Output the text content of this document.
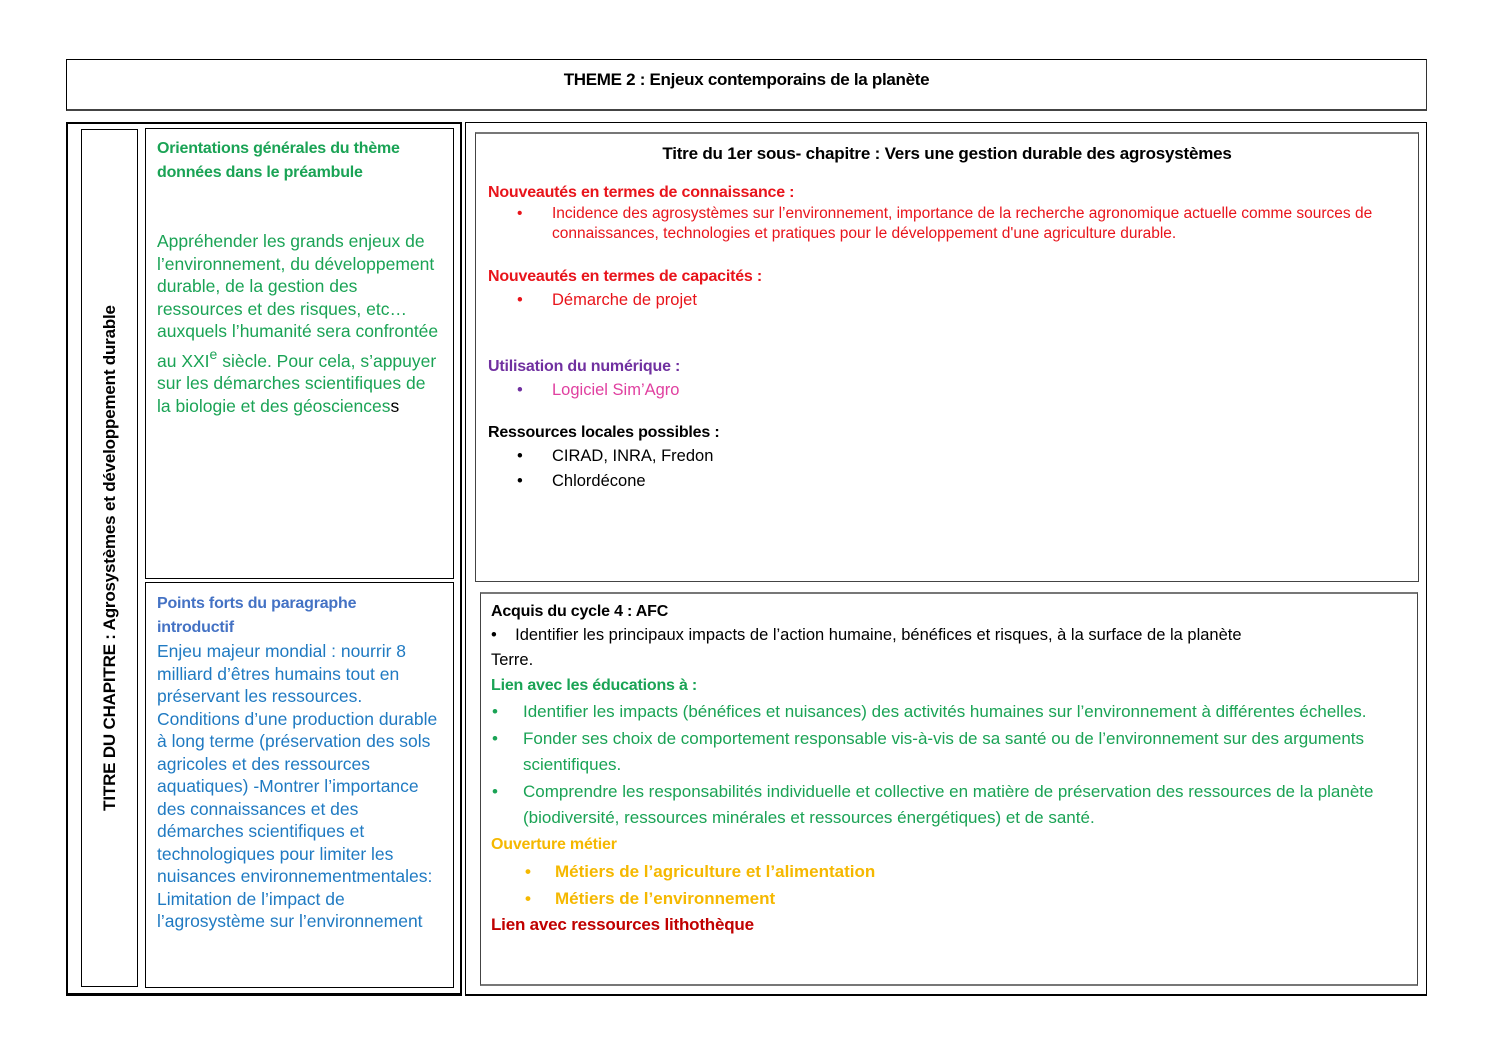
THEME 2 : Enjeux contemporains de la planète
TITRE DU CHAPITRE : Agrosystèmes et développement durable
Orientations générales du thème
données dans le préambule
Appréhender les grands enjeux de l’environnement, du développement durable, de la gestion des ressources et des risques, etc…auxquels l’humanité sera confrontée au XXIe siècle. Pour cela, s’appuyer sur les démarches scientifiques de la biologie et des géosciencess
Points forts du paragraphe
introductif
Enjeu majeur mondial : nourrir 8 milliard d’êtres humains tout en préservant les ressources. Conditions d’une production durable à long terme (préservation des sols agricoles et des ressources aquatiques) -Montrer l’importance des connaissances et des démarches scientifiques et technologiques pour limiter les nuisances environnementmentales: Limitation de l’impact de l’agrosystème sur l’environnement
Titre du 1er sous- chapitre : Vers une gestion durable des agrosystèmes
Nouveautés en termes de connaissance :
• Incidence des agrosystèmes sur l’environnement, importance de la recherche agronomique actuelle comme sources de connaissances, technologies et pratiques pour le développement d'une agriculture durable.
Nouveautés en termes de capacités :
• Démarche de projet
Utilisation du numérique :
• Logiciel Sim’Agro
Ressources locales possibles :
• CIRAD, INRA, Fredon
• Chlordécone
Acquis du cycle 4 : AFC
• Identifier les principaux impacts de l’action humaine, bénéfices et risques, à la surface de la planète
Terre.
Lien avec les éducations à :
• Identifier les impacts (bénéfices et nuisances) des activités humaines sur l’environnement à différentes échelles.
• Fonder ses choix de comportement responsable vis-à-vis de sa santé ou de l’environnement sur des arguments scientifiques.
• Comprendre les responsabilités individuelle et collective en matière de préservation des ressources de la planète (biodiversité, ressources minérales et ressources énergétiques) et de santé.
Ouverture métier
• Métiers de l’agriculture et l’alimentation
• Métiers de l’environnement
Lien avec ressources lithothèque
